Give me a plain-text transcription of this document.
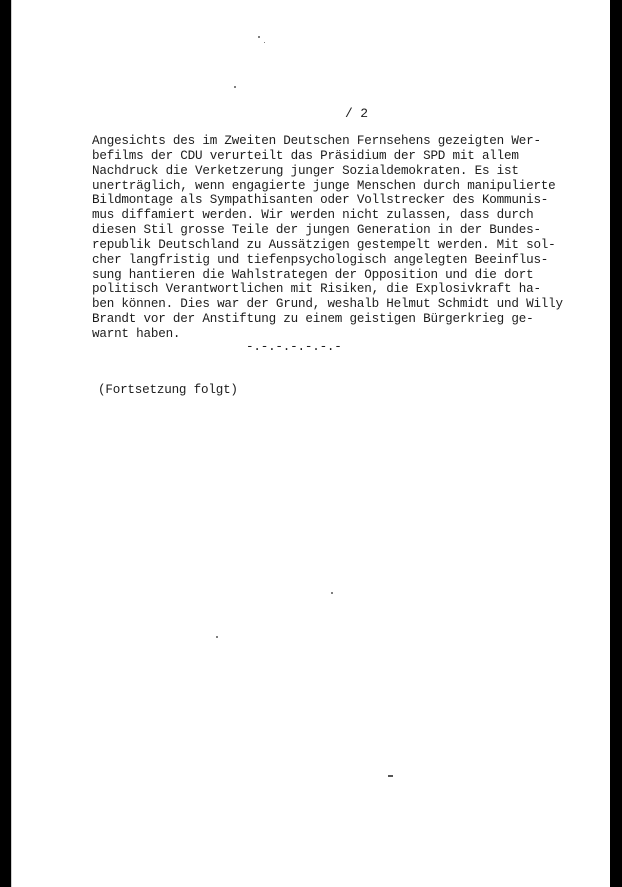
/ 2

Angesichts des im Zweiten Deutschen Fernsehens gezeigten Wer-
befilms der CDU verurteilt das Präsidium der SPD mit allem
Nachdruck die Verketzerung junger Sozialdemokraten. Es ist
unerträglich, wenn engagierte junge Menschen durch manipulierte
Bildmontage als Sympathisanten oder Vollstrecker des Kommunis-
mus diffamiert werden. Wir werden nicht zulassen, dass durch
diesen Stil grosse Teile der jungen Generation in der Bundes-
republik Deutschland zu Aussätzigen gestempelt werden. Mit sol-
cher langfristig und tiefenpsychologisch angelegten Beeinflus-
sung hantieren die Wahlstrategen der Opposition und die dort
politisch Verantwortlichen mit Risiken, die Explosivkraft ha-
ben können. Dies war der Grund, weshalb Helmut Schmidt und Willy
Brandt vor der Anstiftung zu einem geistigen Bürgerkrieg ge-
warnt haben.

-.-.-.-.-.-.-

(Fortsetzung folgt)
